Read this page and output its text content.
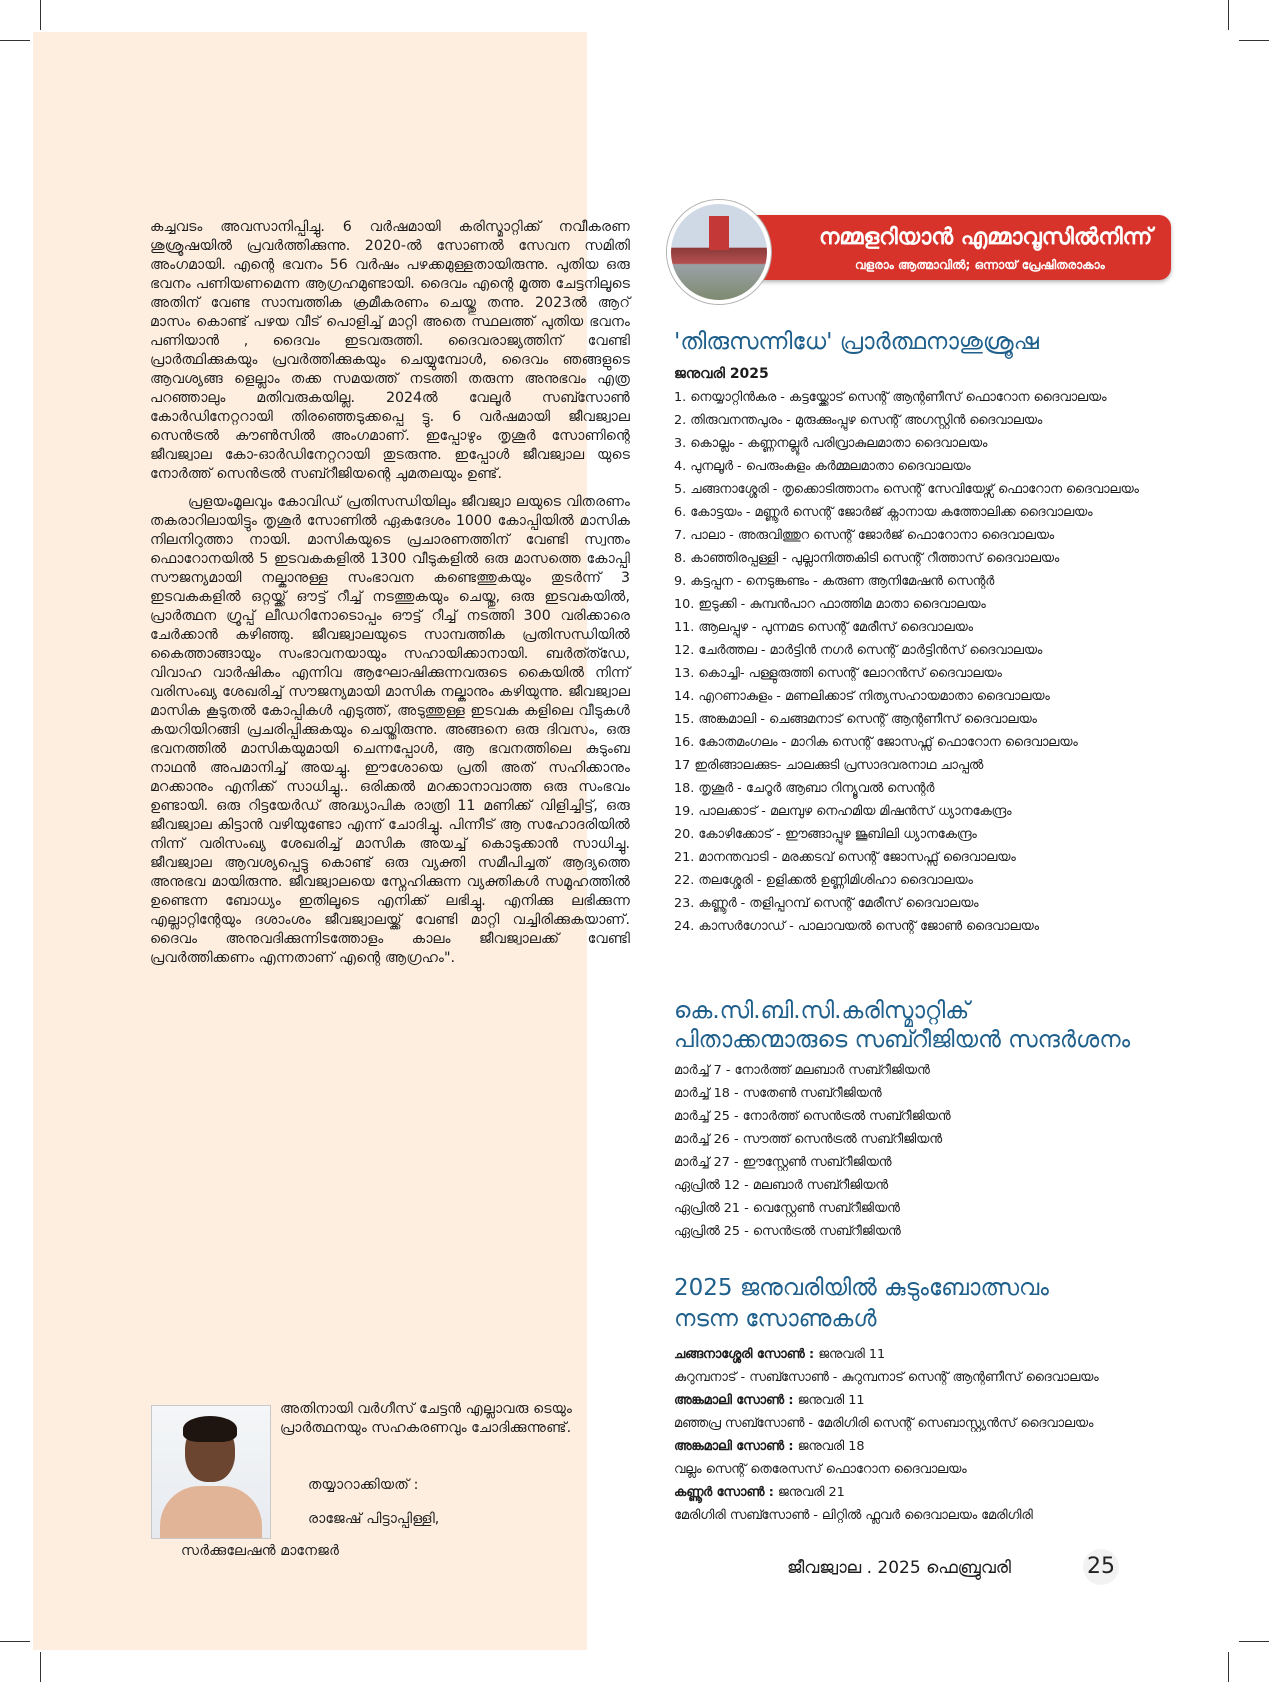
കച്ചവടം അവസാനിപ്പിച്ചു. 6 വർഷമായി കരിസ്മാറ്റിക്ക് നവീകരണ ശുശ്രൂഷയിൽ പ്രവർത്തിക്കുന്നു. 2020-ൽ സോണൽ സേവന സമിതി അംഗമായി. എന്റെ ഭവനം 56 വർഷം പഴക്കമുള്ളതായിരുന്നു. പുതിയ ഒരു ഭവനം പണിയണമെന്ന ആഗ്രഹമുണ്ടായി. ദൈവം എന്റെ മൂത്ത ചേട്ടനിലൂടെ അതിന് വേണ്ട സാമ്പത്തിക ക്രമീകരണം ചെയ്തു തന്നു. 2023ൽ ആറ് മാസം കൊണ്ട് പഴയ വീട് പൊളിച്ച് മാറ്റി അതെ സ്ഥലത്ത് പുതിയ ഭവനം പണിയാൻ , ദൈവം ഇടവരുത്തി. ദൈവരാജ്യത്തിന് വേണ്ടി പ്രാർത്ഥിക്കുകയും പ്രവർത്തിക്കുകയും ചെയ്യുമ്പോൾ, ദൈവം ഞങ്ങളുടെ ആവശ്യങ്ങ ളെല്ലാം തക്ക സമയത്ത് നടത്തി തരുന്ന അനുഭവം എത്ര പറഞ്ഞാലും മതിവരുകയില്ല. 2024ൽ വേലൂർ സബ്സോൺ കോർഡിനേറ്ററായി തിരഞ്ഞെടുക്കപ്പെ ട്ടു. 6 വർഷമായി ജീവജ്വാല സെൻട്രൽ കൗൺസിൽ അംഗമാണ്. ഇപ്പോഴും തൃശൂർ സോണിന്റെ ജീവജ്വാല കോ-ഓർഡിനേറ്ററായി തുടരുന്നു. ഇപ്പോൾ ജീവജ്വാല യുടെ നോർത്ത് സെൻട്രൽ സബ്റീജിയന്റെ ചുമതലയും ഉണ്ട്.

പ്രളയംമൂലവും കോവിഡ് പ്രതിസന്ധിയിലും ജീവജ്വാ ലയുടെ വിതരണം തകരാറിലായിട്ടും തൃശൂർ സോണിൽ ഏകദേശം 1000 കോപ്പിയിൽ മാസിക നിലനിറുത്താ നായി. മാസികയുടെ പ്രചാരണത്തിന് വേണ്ടി സ്വന്തം ഫൊറോനയിൽ 5 ഇടവകകളിൽ 1300 വീടുകളിൽ ഒരു മാസത്തെ കോപ്പി സൗജന്യമായി നല്കാനുള്ള സംഭാവന കണ്ടെത്തുകയും തുടർന്ന് 3 ഇടവകകളിൽ ഒറ്റയ്ക്ക് ഔട്ട് റീച്ച് നടത്തുകയും ചെയ്തു, ഒരു ഇടവകയിൽ, പ്രാർത്ഥന ഗ്രൂപ്പ് ലീഡറിനോടൊപ്പം ഔട്ട് റീച്ച് നടത്തി 300 വരിക്കാരെ ചേർക്കാൻ കഴിഞ്ഞു. ജീവജ്വാലയുടെ സാമ്പത്തിക പ്രതിസന്ധിയിൽ കൈത്താങ്ങായും സംഭാവനയായും സഹായിക്കാനായി. ബർത്ത്ഡേ, വിവാഹ വാർഷികം എന്നിവ ആഘോഷിക്കുന്നവരുടെ കൈയിൽ നിന്ന് വരിസംഖ്യ ശേഖരിച്ച് സൗജന്യമായി മാസിക നല്കാനും കഴിയുന്നു. ജീവജ്വാല മാസിക കൂടുതൽ കോപ്പികൾ എടുത്ത്, അടുത്തുള്ള ഇടവക കളിലെ വീടുകൾ കയറിയിറങ്ങി പ്രചരിപ്പിക്കുകയും ചെയ്തിരുന്നു. അങ്ങനെ ഒരു ദിവസം, ഒരു ഭവനത്തിൽ മാസികയുമായി ചെന്നപ്പോൾ, ആ ഭവനത്തിലെ കുടുംബ നാഥൻ അപമാനിച്ച് അയച്ചു. ഈശോയെ പ്രതി അത് സഹിക്കാനും മറക്കാനും എനിക്ക് സാധിച്ചു.. ഒരിക്കൽ മറക്കാനാവാത്ത ഒരു സംഭവം ഉണ്ടായി. ഒരു റിട്ടയേർഡ് അദ്ധ്യാപിക രാത്രി 11 മണിക്ക് വിളിച്ചിട്ട്, ഒരു ജീവജ്വാല കിട്ടാൻ വഴിയുണ്ടോ എന്ന് ചോദിച്ചു. പിന്നീട് ആ സഹോദരിയിൽ നിന്ന് വരിസംഖ്യ ശേഖരിച്ച് മാസിക അയച്ച് കൊടുക്കാൻ സാധിച്ചു. ജീവജ്വാല ആവശ്യപ്പെട്ടു കൊണ്ട് ഒരു വ്യക്തി സമീപിച്ചത് ആദ്യത്തെ അനുഭവ മായിരുന്നു. ജീവജ്വാലയെ സ്നേഹിക്കുന്ന വ്യക്തികൾ സമൂഹത്തിൽ ഉണ്ടെന്ന ബോധ്യം ഇതിലൂടെ എനിക്ക് ലഭിച്ചു. എനിക്കു ലഭിക്കുന്ന എല്ലാറ്റിന്റേയും ദശാംശം ജീവജ്വാലയ്ക്ക് വേണ്ടി മാറ്റി വച്ചിരിക്കുകയാണ്. ദൈവം അനുവദിക്കുന്നിടത്തോളം കാലം ജീവജ്വാലക്ക് വേണ്ടി പ്രവർത്തിക്കണം എന്നതാണ് എന്റെ ആഗ്രഹം".

അതിനായി വർഗീസ് ചേട്ടൻ എല്ലാവരു ടെയും പ്രാർത്ഥനയും സഹകരണവും ചോദിക്കുന്നുണ്ട്.

തയ്യാറാക്കിയത് :
രാജേഷ് പിട്ടാപ്പിള്ളി,
സർക്കുലേഷൻ മാനേജർ
നമ്മളറിയാൻ എമ്മാവൂസിൽനിന്ന്
വളരാം ആത്മാവിൽ; ഒന്നായ് പ്രേഷിതരാകാം
'തിരുസന്നിധേ' പ്രാർത്ഥനാശുശ്രൂഷ
ജനുവരി 2025
1. നെയ്യാറ്റിൻകര - കട്ടയ്ക്കോട് സെന്റ് ആന്റണീസ് ഫൊറോന ദൈവാലയം
2. തിരുവനന്തപുരം - മുരുക്കുംപ്പുഴ സെന്റ് അഗസ്റ്റിൻ ദൈവാലയം
3. കൊല്ലം - കണ്ണനല്ലൂർ പരിവ്രാകുലമാതാ ദൈവാലയം
4. പുനലൂർ - പെരുംകുളം കർമ്മലമാതാ ദൈവാലയം
5. ചങ്ങനാശ്ശേരി - തൃക്കൊടിത്താനം സെന്റ് സേവിയേഴ്സ് ഫൊറോന ദൈവാലയം
6. കോട്ടയം - മണ്ണൂർ സെന്റ് ജോർജ് ക്നാനായ കത്തോലിക്ക ദൈവാലയം
7. പാലാ - അരുവിത്തുറ സെന്റ് ജോർജ് ഫൊറോനാ ദൈവാലയം
8. കാഞ്ഞിരപ്പള്ളി - പുല്ലാനിത്തകിടി സെന്റ് റീത്താസ് ദൈവാലയം
9. കട്ടപ്പന - നെടുങ്കണ്ടം - കരുണ ആനിമേഷൻ സെന്റർ
10. ഇടുക്കി - കുമ്പൻപാറ ഫാത്തിമ മാതാ ദൈവാലയം
11. ആലപ്പുഴ - പുന്നമട സെന്റ് മേരീസ് ദൈവാലയം
12. ചേർത്തല - മാർട്ടിൻ നഗർ സെന്റ് മാർട്ടിൻസ് ദൈവാലയം
13. കൊച്ചി- പള്ളുരുത്തി സെന്റ് ലോറൻസ് ദൈവാലയം
14. എറണാകുളം - മണലിക്കാട് നിത്യസഹായമാതാ ദൈവാലയം
15. അങ്കമാലി - ചെങ്ങമനാട് സെന്റ് ആന്റണീസ് ദൈവാലയം
16. കോതമംഗലം - മാറിക സെന്റ് ജോസഫ്സ് ഫൊറോന ദൈവാലയം
17 ഇരിങ്ങാലക്കുട- ചാലക്കുടി പ്രസാദവരനാഥ ചാപ്പൽ
18. തൃശൂർ - ചേറൂർ ആബാ റിന്യൂവൽ സെന്റർ
19. പാലക്കാട് - മലമ്പുഴ നെഹമിയ മിഷൻസ് ധ്യാനകേന്ദ്രം
20. കോഴിക്കോട് - ഈങ്ങാപ്പുഴ ജൂബിലി ധ്യാനകേന്ദ്രം
21. മാനന്തവാടി - മരക്കടവ് സെന്റ് ജോസഫ്സ് ദൈവാലയം
22. തലശ്ശേരി - ഉളിക്കൽ ഉണ്ണിമിശിഹാ ദൈവാലയം
23. കണ്ണൂർ - തളിപ്പറമ്പ് സെന്റ് മേരീസ് ദൈവാലയം
24. കാസർഗോഡ് - പാലാവയൽ സെന്റ് ജോൺ ദൈവാലയം
കെ.സി.ബി.സി.കരിസ്മാറ്റിക്
പിതാക്കന്മാരുടെ സബ്റീജിയൻ സന്ദർശനം
മാർച്ച് 7 - നോർത്ത് മലബാർ സബ്റീജിയൻ
മാർച്ച് 18 - സതേൺ സബ്റീജിയൻ
മാർച്ച് 25 - നോർത്ത് സെൻട്രൽ സബ്റീജിയൻ
മാർച്ച് 26 - സൗത്ത് സെൻട്രൽ സബ്റീജിയൻ
മാർച്ച് 27 - ഈസ്റ്റേൺ സബ്റീജിയൻ
ഏപ്രിൽ 12 - മലബാർ സബ്റീജിയൻ
ഏപ്രിൽ 21 - വെസ്റ്റേൺ സബ്റീജിയൻ
ഏപ്രിൽ 25 - സെൻട്രൽ സബ്റീജിയൻ
2025 ജനുവരിയിൽ കുടുംബോത്സവം
നടന്ന സോണുകൾ
ചങ്ങനാശ്ശേരി സോൺ : ജനുവരി 11
കുറുമ്പനാട് - സബ്സോൺ - കുറുമ്പനാട് സെന്റ് ആന്റണീസ് ദൈവാലയം
അങ്കമാലി സോൺ : ജനുവരി 11
മഞ്ഞപ്ര സബ്സോൺ - മേരിഗിരി സെന്റ് സെബാസ്റ്റ്യൻസ് ദൈവാലയം
അങ്കമാലി സോൺ : ജനുവരി 18
വല്ലം സെന്റ് തെരേസസ് ഫൊറോന ദൈവാലയം
കണ്ണൂർ സോൺ : ജനുവരി 21
മേരിഗിരി സബ്സോൺ - ലിറ്റിൽ ഫ്ലവർ ദൈവാലയം മേരിഗിരി
ജീവജ്വാല . 2025 ഫെബ്രുവരി	25
